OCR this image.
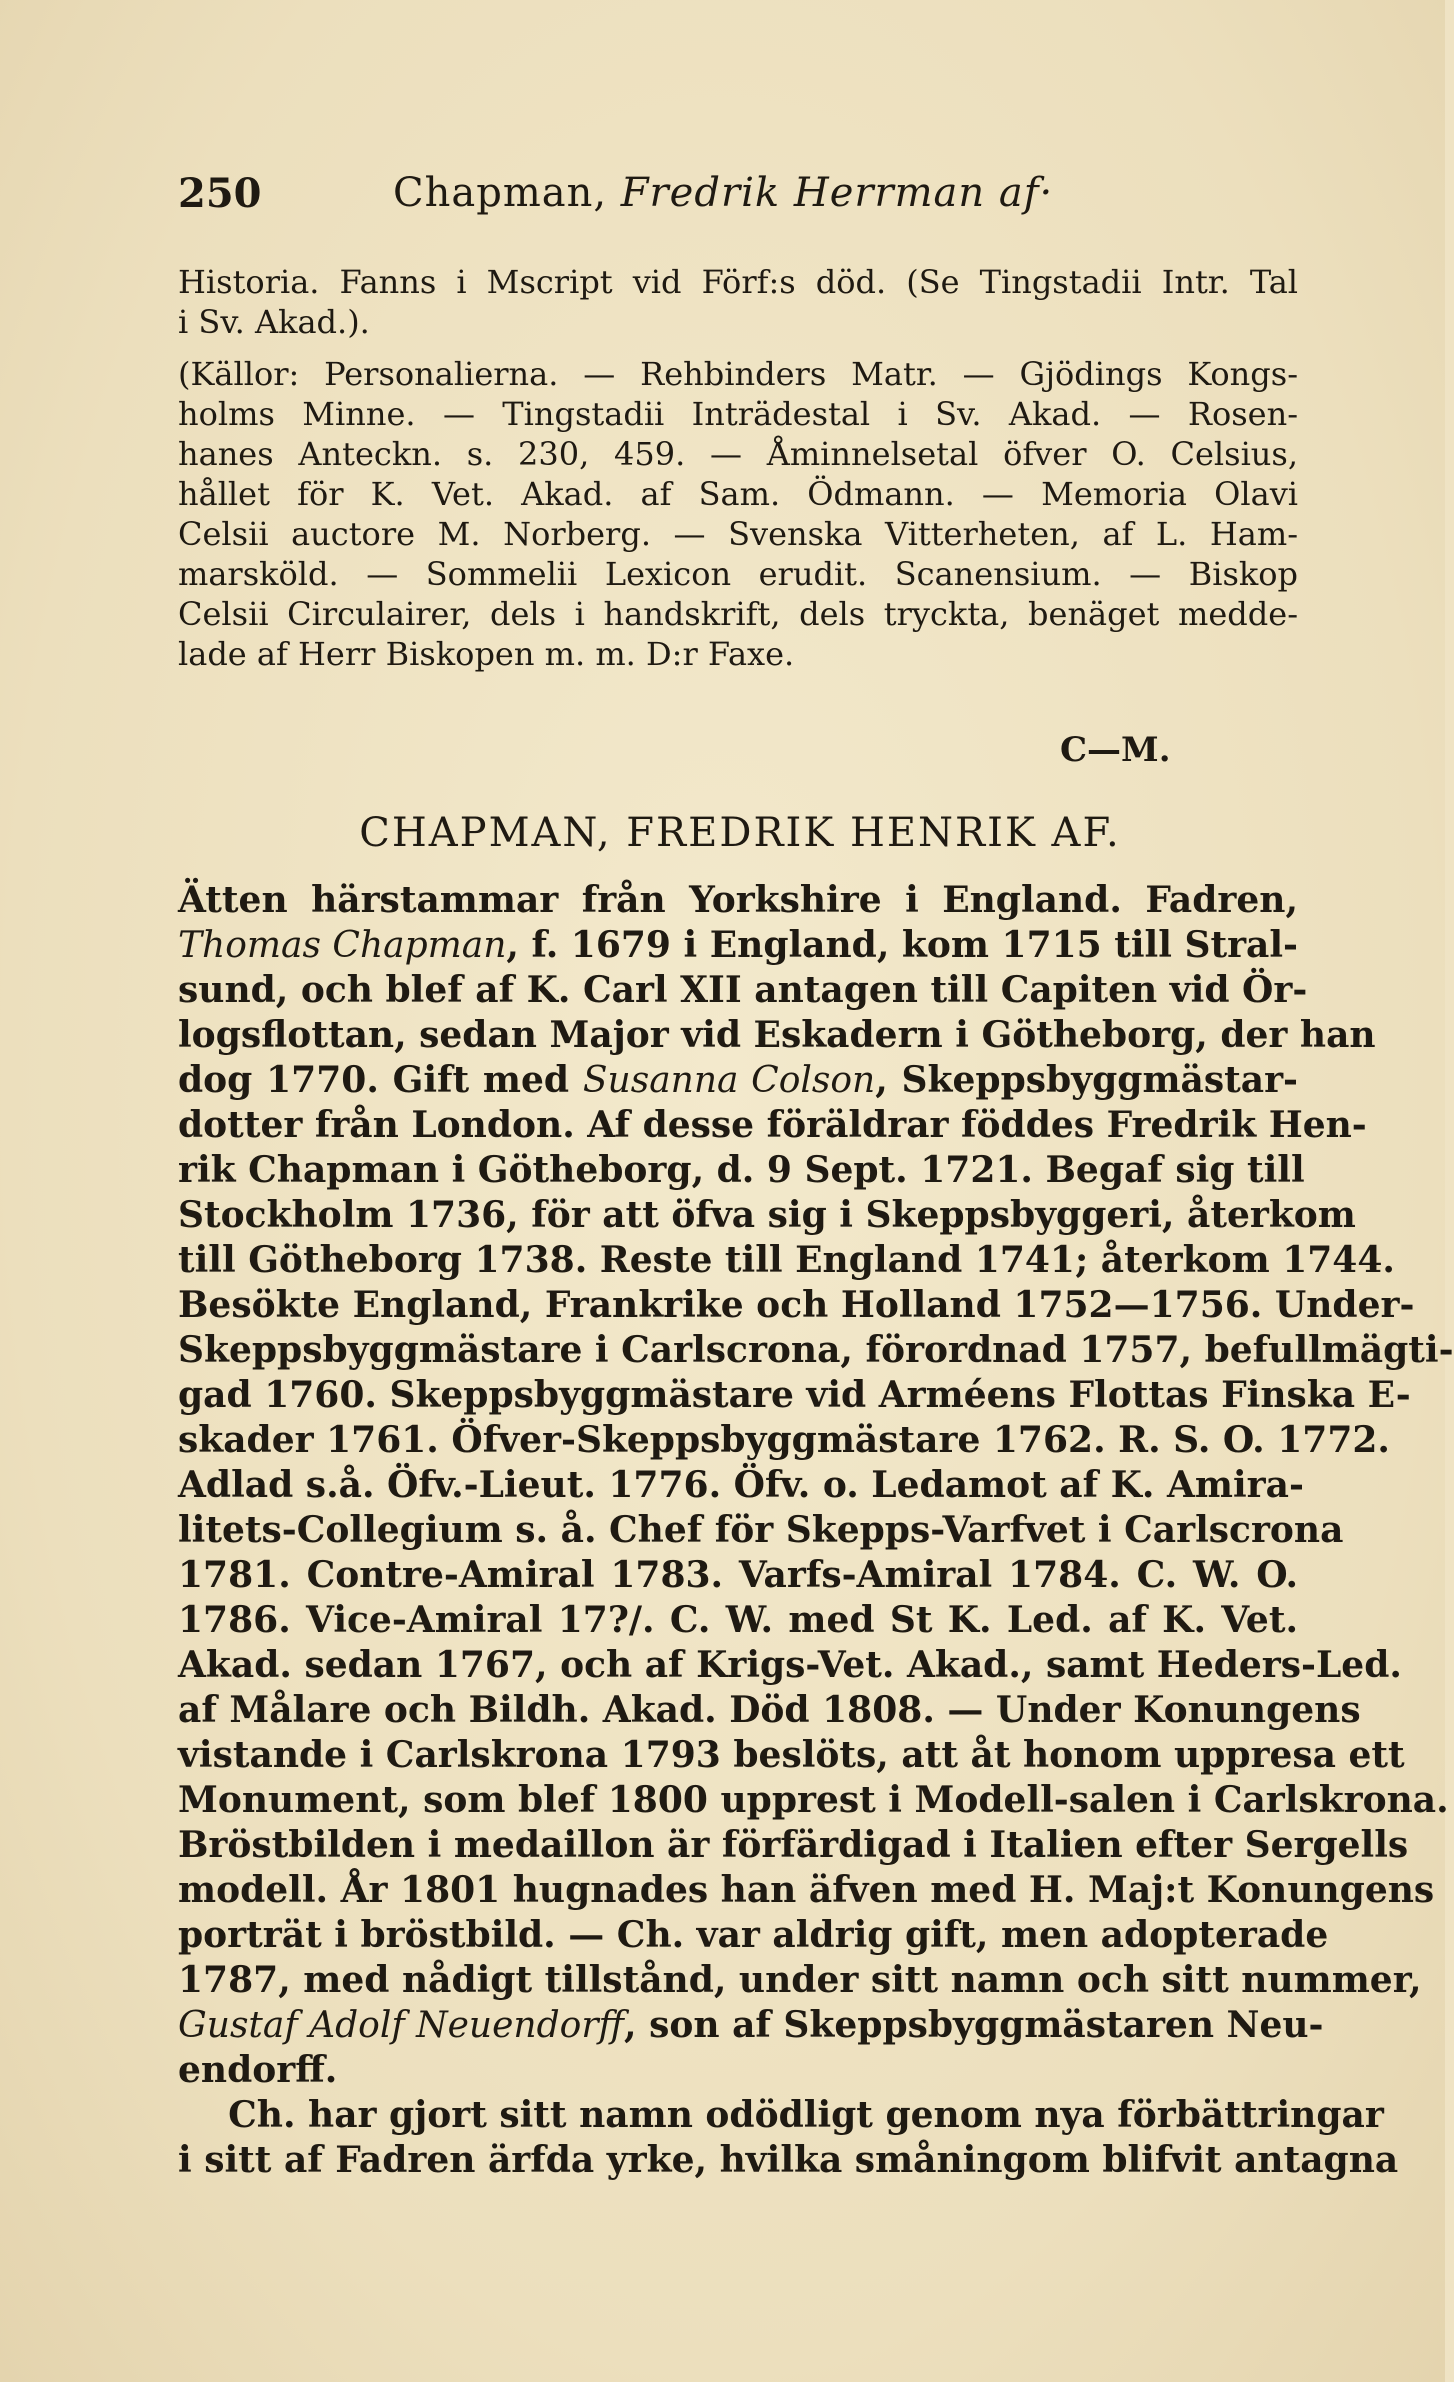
250	Chapman, Fredrik Herrman af·
Historia. Fanns i Mscript vid Förf:s död. (Se Tingstadii Intr. Tal
i Sv. Akad.).
(Källor: Personalierna. — Rehbinders Matr. — Gjödings Kongs-
holms Minne. — Tingstadii Inträdestal i Sv. Akad. — Rosen-
hanes Anteckn. s. 230, 459. — Åminnelsetal öfver O. Celsius,
hållet för K. Vet. Akad. af Sam. Ödmann. — Memoria Olavi
Celsii auctore M. Norberg. — Svenska Vitterheten, af L. Ham-
marsköld. — Sommelii Lexicon erudit. Scanensium. — Biskop
Celsii Circulairer, dels i handskrift, dels tryckta, benäget medde-
lade af Herr Biskopen m. m. D:r Faxe.
C—M.
CHAPMAN, FREDRIK HENRIK AF.
Ätten härstammar från Yorkshire i England. Fadren,
Thomas Chapman, f. 1679 i England, kom 1715 till Stral-
sund, och blef af K. Carl XII antagen till Capiten vid Ör-
logsflottan, sedan Major vid Eskadern i Götheborg, der han
dog 1770. Gift med Susanna Colson, Skeppsbyggmästar-
dotter från London. Af desse föräldrar föddes Fredrik Hen-
rik Chapman i Götheborg, d. 9 Sept. 1721. Begaf sig till
Stockholm 1736, för att öfva sig i Skeppsbyggeri, återkom
till Götheborg 1738. Reste till England 1741; återkom 1744.
Besökte England, Frankrike och Holland 1752—1756. Under-
Skeppsbyggmästare i Carlscrona, förordnad 1757, befullmägti-
gad 1760. Skeppsbyggmästare vid Arméens Flottas Finska E-
skader 1761. Öfver-Skeppsbyggmästare 1762. R. S. O. 1772.
Adlad s.å. Öfv.-Lieut. 1776. Öfv. o. Ledamot af K. Amira-
litets-Collegium s. å. Chef för Skepps-Varfvet i Carlscrona
1781. Contre-Amiral 1783. Varfs-Amiral 1784. C. W. O.
1786. Vice-Amiral 17?/. C. W. med St K. Led. af K. Vet.
Akad. sedan 1767, och af Krigs-Vet. Akad., samt Heders-Led.
af Målare och Bildh. Akad. Död 1808. — Under Konungens
vistande i Carlskrona 1793 beslöts, att åt honom uppresa ett
Monument, som blef 1800 upprest i Modell-salen i Carlskrona.
Bröstbilden i medaillon är förfärdigad i Italien efter Sergells
modell. År 1801 hugnades han äfven med H. Maj:t Konungens
porträt i bröstbild. — Ch. var aldrig gift, men adopterade
1787, med nådigt tillstånd, under sitt namn och sitt nummer,
Gustaf Adolf Neuendorff, son af Skeppsbyggmästaren Neu-
endorff.
Ch. har gjort sitt namn odödligt genom nya förbättringar
i sitt af Fadren ärfda yrke, hvilka småningom blifvit antagna
